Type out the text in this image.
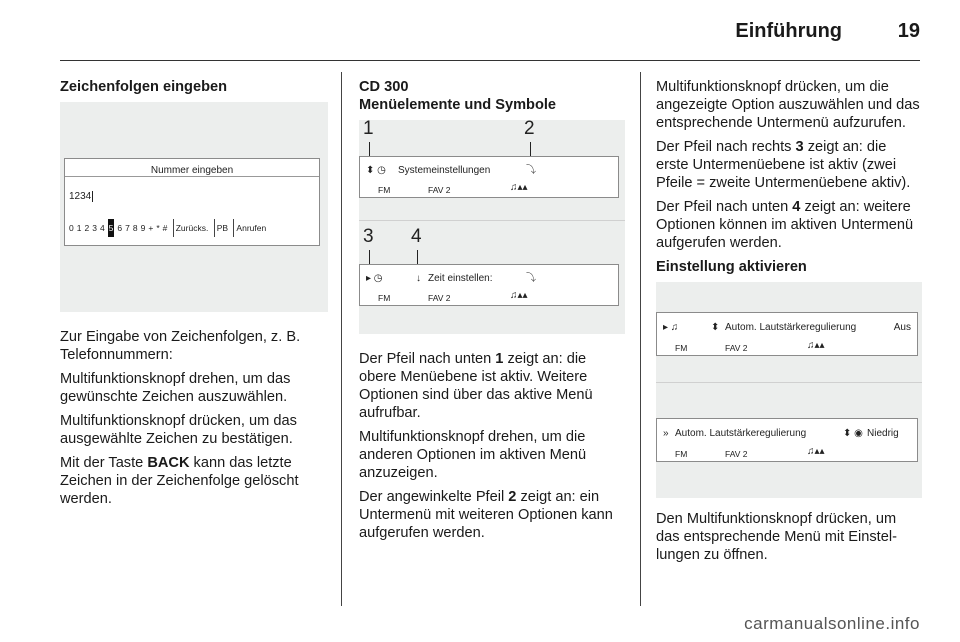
Einführung	19
Zeichenfolgen eingeben
Nummer eingeben
1234
0 1 2 3 4 5 6 7 8 9 + * # Zurücks. PB Anrufen

Zur Eingabe von Zeichenfolgen, z. B. Telefonnummern:

Multifunktionsknopf drehen, um das gewünschte Zeichen auszuwählen.

Multifunktionsknopf drücken, um das ausgewählte Zeichen zu bestätigen.

Mit der Taste BACK kann das letzte Zeichen in der Zeichenfolge gelöscht werden.

CD 300
Menüelemente und Symbole
1	2
⬍ ◷ Systemeinstellungen	⤵
FM	FAV 2	♫▴▴
3 4
▸ ◷	↓ Zeit einstellen:	⤵
FM	FAV 2	♫▴▴

Der Pfeil nach unten 1 zeigt an: die obere Menüebene ist aktiv. Weitere Optionen sind über das aktive Menü aufrufbar.

Multifunktionsknopf drehen, um die anderen Optionen im aktiven Menü anzuzeigen.

Der angewinkelte Pfeil 2 zeigt an: ein Untermenü mit weiteren Optionen kann aufgerufen werden.

Multifunktionsknopf drücken, um die angezeigte Option auszuwählen und das entsprechende Untermenü aufzurufen.

Der Pfeil nach rechts 3 zeigt an: die erste Untermenüebene ist aktiv (zwei Pfeile = zweite Untermenüebene aktiv).

Der Pfeil nach unten 4 zeigt an: weitere Optionen können im aktiven Untermenü aufgerufen werden.

Einstellung aktivieren
▸ ♫	⬍ Autom. Lautstärkeregulierung	Aus
FM	FAV 2	♫▴▴
» Autom. Lautstärkeregulierung	⬍ ◉ Niedrig
FM	FAV 2	♫▴▴

Den Multifunktionsknopf drücken, um das entsprechende Menü mit Einstellungen zu öffnen.

carmanualsonline.info
